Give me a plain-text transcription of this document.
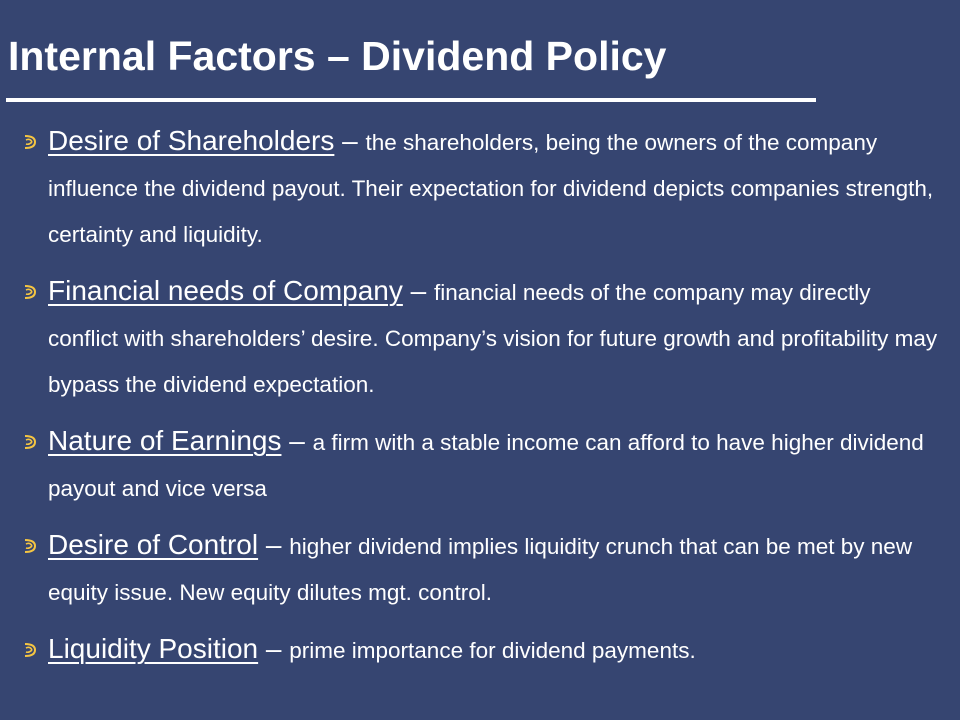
Internal Factors – Dividend Policy
Desire of Shareholders – the shareholders, being the owners of the company influence the dividend payout. Their expectation for dividend depicts companies strength, certainty and liquidity.
Financial needs of Company – financial needs of the company may directly conflict with shareholders’ desire. Company’s vision for future growth and profitability may bypass the dividend expectation.
Nature of Earnings – a firm with a stable income can afford to have higher dividend payout and vice versa
Desire of Control – higher dividend implies liquidity crunch that can be met by new equity issue. New equity dilutes mgt. control.
Liquidity Position – prime importance for dividend payments.
